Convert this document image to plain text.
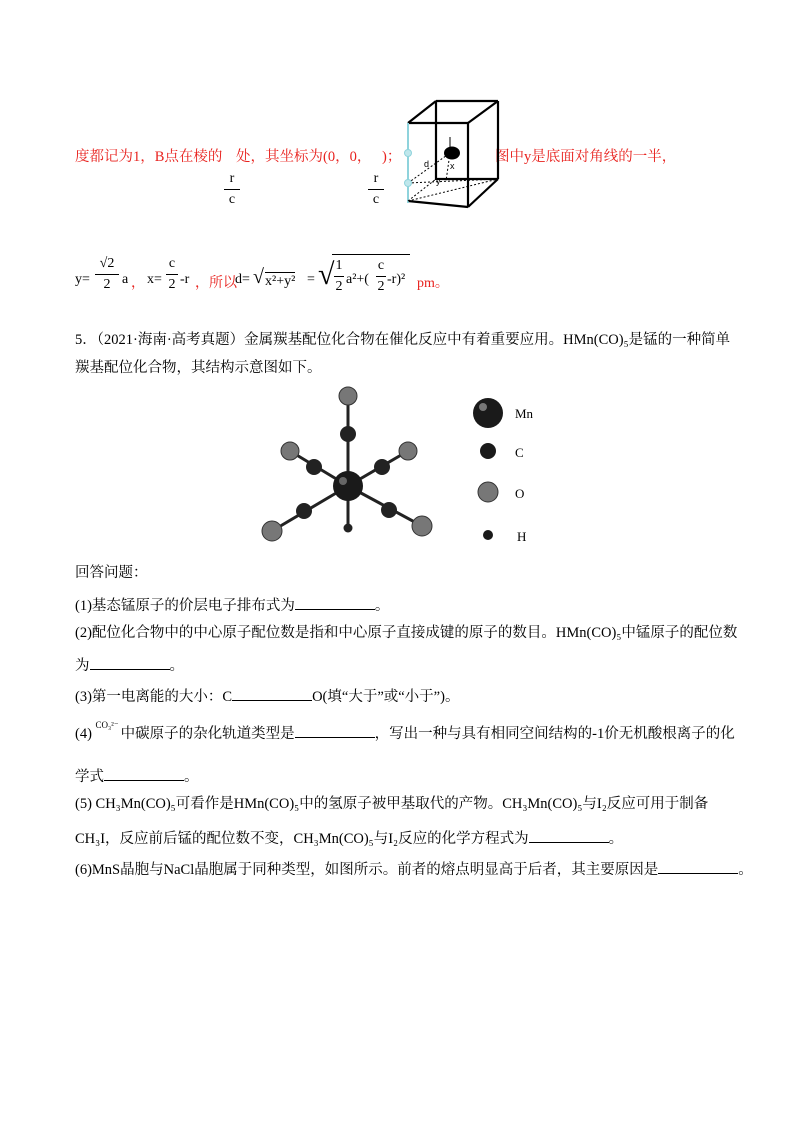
度都记为1，B点在棱的 处，其坐标为(0，0， )；	图中y是底面对角线的一半，
r
c
r
c
d x
y
y=
√2
2 a ， x=
c
2 -r ，所以
d= √ x²+y² = √ 1
2 a²+(
c
2 -r)² pm。
5．（2021·海南·高考真题）金属羰基配位化合物在催化反应中有着重要应用。HMn(CO)₅是锰的一种简单
羰基配位化合物，其结构示意图如下。
Mn
C
O
H
回答问题：
(1)基态锰原子的价层电子排布式为	。
(2)配位化合物中的中心原子配位数是指和中心原子直接成键的原子的数目。HMn(CO)₅中锰原子的配位数
为	。
(3)第一电离能的大小：C	O(填“大于”或“小于”)。
(4) $^{CO_3^{2-}}$中碳原子的杂化轨道类型是	，写出一种与具有相同空间结构的-1价无机酸根离子的化
学式	。
(5) CH₃Mn(CO)₅可看作是HMn(CO)₅中的氢原子被甲基取代的产物。CH₃Mn(CO)₅与I₂反应可用于制备
CH₃I，反应前后锰的配位数不变，CH₃Mn(CO)₅与I₂反应的化学方程式为	。
(6)MnS晶胞与NaCl晶胞属于同种类型，如图所示。前者的熔点明显高于后者，其主要原因是	。
